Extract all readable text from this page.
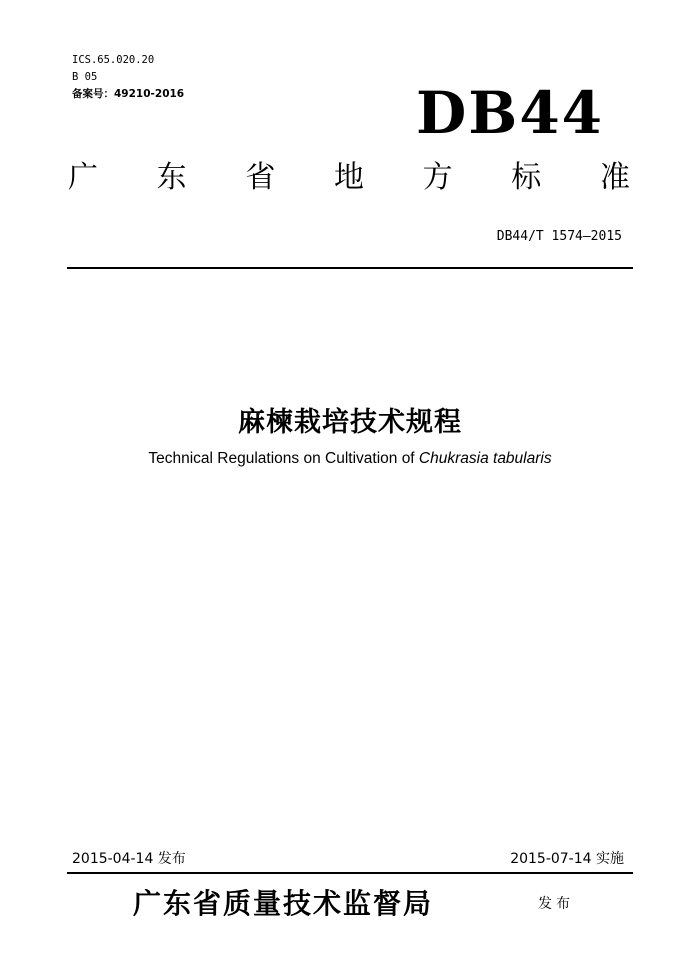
ICS.65.020.20
B 05
备案号：49210-2016	DB44
广 东 省 地 方 标 准
DB44/T 1574—2015
麻楝栽培技术规程
Technical Regulations on Cultivation of Chukrasia tabularis
2015-04-14 发布	2015-07-14 实施
广东省质量技术监督局	发布
